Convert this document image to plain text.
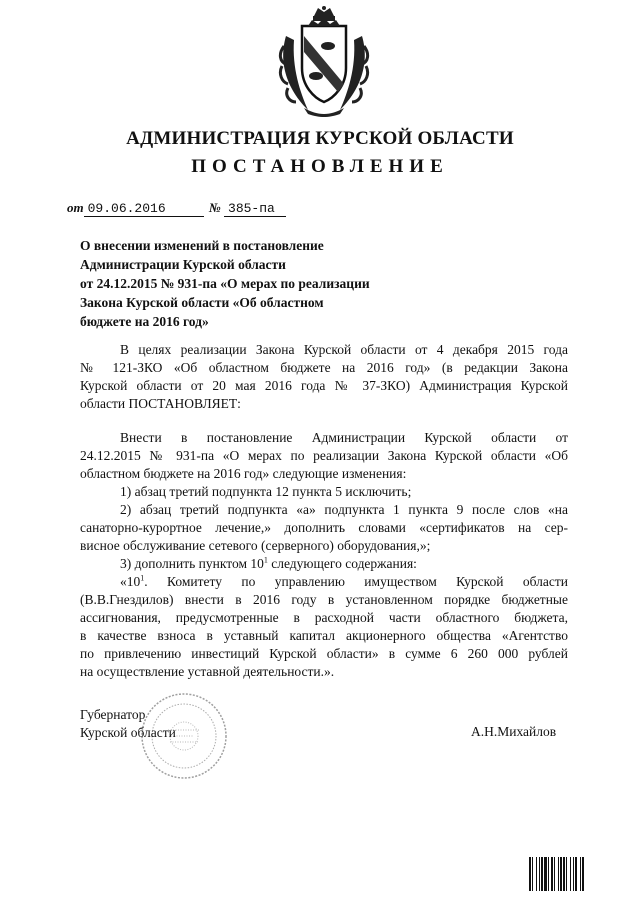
АДМИНИСТРАЦИЯ КУРСКОЙ ОБЛАСТИ
ПОСТАНОВЛЕНИЕ
от 09.06.2016	№ 385-па
О внесении изменений в постановление
Администрации Курской области
от 24.12.2015 № 931-па «О мерах по реализации
Закона Курской области «Об областном
бюджете на 2016 год»
В целях реализации Закона Курской области от 4 декабря 2015 года
№ 121-ЗКО «Об областном бюджете на 2016 год» (в редакции Закона
Курской области от 20 мая 2016 года № 37-ЗКО) Администрация Курской
области ПОСТАНОВЛЯЕТ:
Внести в постановление Администрации Курской области от
24.12.2015 № 931-па «О мерах по реализации Закона Курской области «Об
областном бюджете на 2016 год» следующие изменения:
1) абзац третий подпункта 12 пункта 5 исключить;
2) абзац третий подпункта «а» подпункта 1 пункта 9 после слов «на
санаторно-курортное лечение,» дополнить словами «сертификатов на сер-
висное обслуживание сетевого (серверного) оборудования,»;
3) дополнить пунктом $10^1$ следующего содержания:
«$10^1$. Комитету по управлению имуществом Курской области
(В.В.Гнездилов) внести в 2016 году в установленном порядке бюджетные
ассигнования, предусмотренные в расходной части областного бюджета,
в качестве взноса в уставный капитал акционерного общества «Агентство
по привлечению инвестиций Курской области» в сумме 6 260 000 рублей
на осуществление уставной деятельности.».
Губернатор
Курской области	А.Н.Михайлов
